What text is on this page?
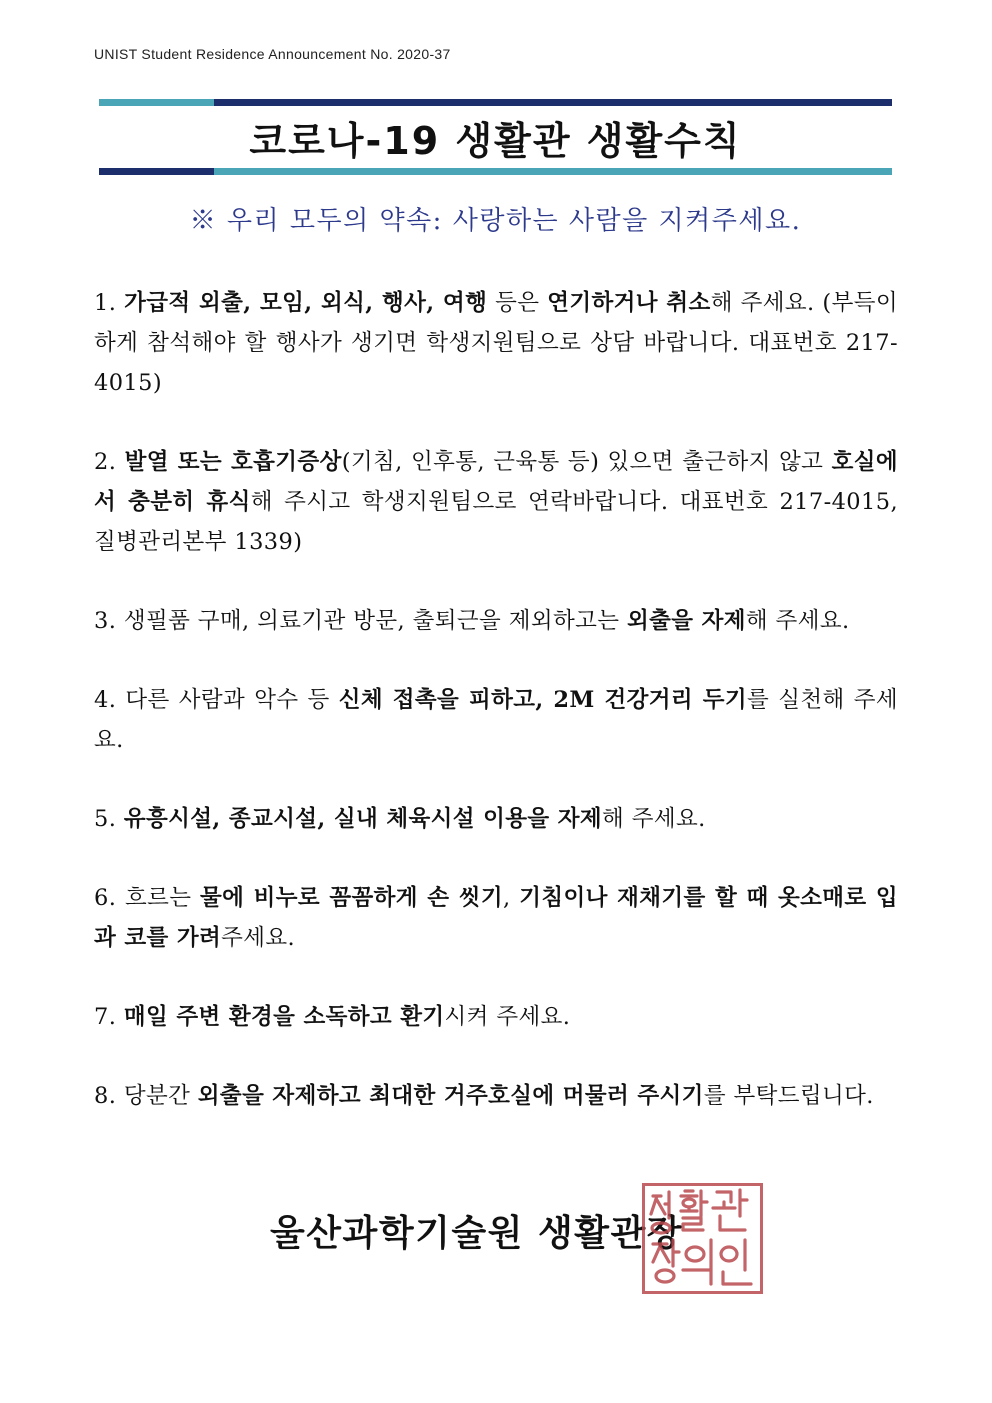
UNIST Student Residence Announcement No. 2020-37
코로나-19 생활관 생활수칙
※ 우리 모두의 약속: 사랑하는 사람을 지켜주세요.

1. 가급적 외출, 모임, 외식, 행사, 여행 등은 연기하거나 취소해 주세요. (부득이하게 참석해야 할 행사가 생기면 학생지원팀으로 상담 바랍니다. 대표번호 217-4015)

2. 발열 또는 호흡기증상(기침, 인후통, 근육통 등) 있으면 출근하지 않고 호실에서 충분히 휴식해 주시고 학생지원팀으로 연락바랍니다. 대표번호 217-4015, 질병관리본부 1339)

3. 생필품 구매, 의료기관 방문, 출퇴근을 제외하고는 외출을 자제해 주세요.

4. 다른 사람과 악수 등 신체 접촉을 피하고, 2M 건강거리 두기를 실천해 주세요.

5. 유흥시설, 종교시설, 실내 체육시설 이용을 자제해 주세요.

6. 흐르는 물에 비누로 꼼꼼하게 손 씻기, 기침이나 재채기를 할 때 옷소매로 입과 코를 가려주세요.

7. 매일 주변 환경을 소독하고 환기시켜 주세요.

8. 당분간 외출을 자제하고 최대한 거주호실에 머물러 주시기를 부탁드립니다.

울산과학기술원 생활관장
